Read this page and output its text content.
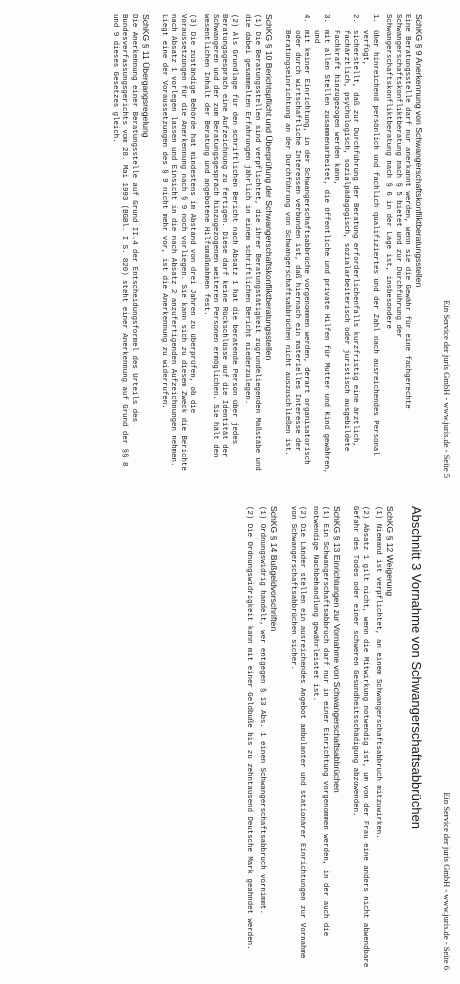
Ein Service der juris GmbH - www.juris.de - Seite 5
SchKG § 9 Anerkennung von Schwangerschaftskonfliktberatungsstellen

Eine Beratungsstelle darf nur anerkannt werden, wenn sie die Gewähr für eine fachgerechte Schwangerschaftskonfliktberatung nach § 5 bietet und zur Durchführung der Schwangerschaftskonfliktberatung nach § 6 in der Lage ist, insbesondere

1.
über hinreichend persönlich und fachlich qualifiziertes und der Zahl nach ausreichendes Personal verfügt,
2.
sicherstellt, daß zur Durchführung der Beratung erforderlichenfalls kurzfristig eine ärztlich, fachärztlich, psychologisch, sozialpädagogisch, sozialarbeiterisch oder juristisch ausgebildete Fachkraft hinzugezogen werden kann,
3.
mit allen Stellen zusammenarbeitet, die öffentliche und private Hilfen für Mutter und Kind gewähren, und
4.
mit keiner Einrichtung, in der Schwangerschaftsabbrüche vorgenommen werden, derart organisatorisch oder durch wirtschaftliche Interessen verbunden ist, daß hiernach ein materielles Interesse der Beratungseinrichtung an der Durchführung von Schwangerschaftsabbrüchen nicht auszuschließen ist.
SchKG § 10 Berichtspflicht und Überprüfung der Schwangerschaftskonfliktberatungsstellen

(1) Die Beratungsstellen sind verpflichtet, die ihrer Beratungstätigkeit zugrundeliegenden Maßstäbe und die dabei gesammelten Erfahrungen jährlich in einem schriftlichen Bericht niederzulegen.

(2) Als Grundlage für den schriftlichen Bericht nach Absatz 1 hat die beratende Person über jedes Beratungsgespräch eine Aufzeichnung zu fertigen. Diese darf keine Rückschlüsse auf die Identität der Schwangeren und der zum Beratungsgespräch hinzugezogenen weiteren Personen ermöglichen. Sie hält den wesentlichen Inhalt der Beratung und angebotene Hilfsmaßnahmen fest.

(3) Die zuständige Behörde hat mindestens im Abstand von drei Jahren zu überprüfen, ob die Voraussetzungen für die Anerkennung nach § 9 noch vorliegen. Sie kann sich zu diesem Zweck die Berichte nach Absatz 1 vorlegen lassen und Einsicht in die nach Absatz 2 anzufertigenden Aufzeichnungen nehmen. Liegt eine der Voraussetzungen des § 9 nicht mehr vor, ist die Anerkennung zu widerrufen.

SchKG § 11 Übergangsregelung

Die Anerkennung einer Beratungsstelle auf Grund II.4 der Entscheidungsformel des Urteils des Bundesverfassungsgerichts vom 28. Mai 1993 (BGBl. I S. 820) steht einer Anerkennung auf Grund der §§ 8 und 9 dieses Gesetzes gleich.

Ein Service der juris GmbH - www.juris.de - Seite 6
Abschnitt 3 Vornahme von Schwangerschaftsabbrüchen
SchKG § 12 Weigerung

(1) Niemand ist verpflichtet, an einem Schwangerschaftsabbruch mitzuwirken.

(2) Absatz 1 gilt nicht, wenn die Mitwirkung notwendig ist, um von der Frau eine anders nicht abwendbare Gefahr des Todes oder einer schweren Gesundheitsschädigung abzuwenden.

SchKG § 13 Einrichtungen zur Vornahme von Schwangerschaftsabbrüchen

(1) Ein Schwangerschaftsabbruch darf nur in einer Einrichtung vorgenommen werden, in der auch die notwendige Nachbehandlung gewährleistet ist.

(2) Die Länder stellen ein ausreichendes Angebot ambulanter und stationärer Einrichtungen zur Vornahme von Schwangerschaftsabbrüchen sicher.

SchKG § 14 Bußgeldvorschriften

(1) Ordnungswidrig handelt, wer entgegen § 13 Abs. 1 einen Schwangerschaftsabbruch vornimmt.

(2) Die Ordnungswidrigkeit kann mit einer Geldbuße bis zu zehntausend Deutsche Mark geahndet werden.
